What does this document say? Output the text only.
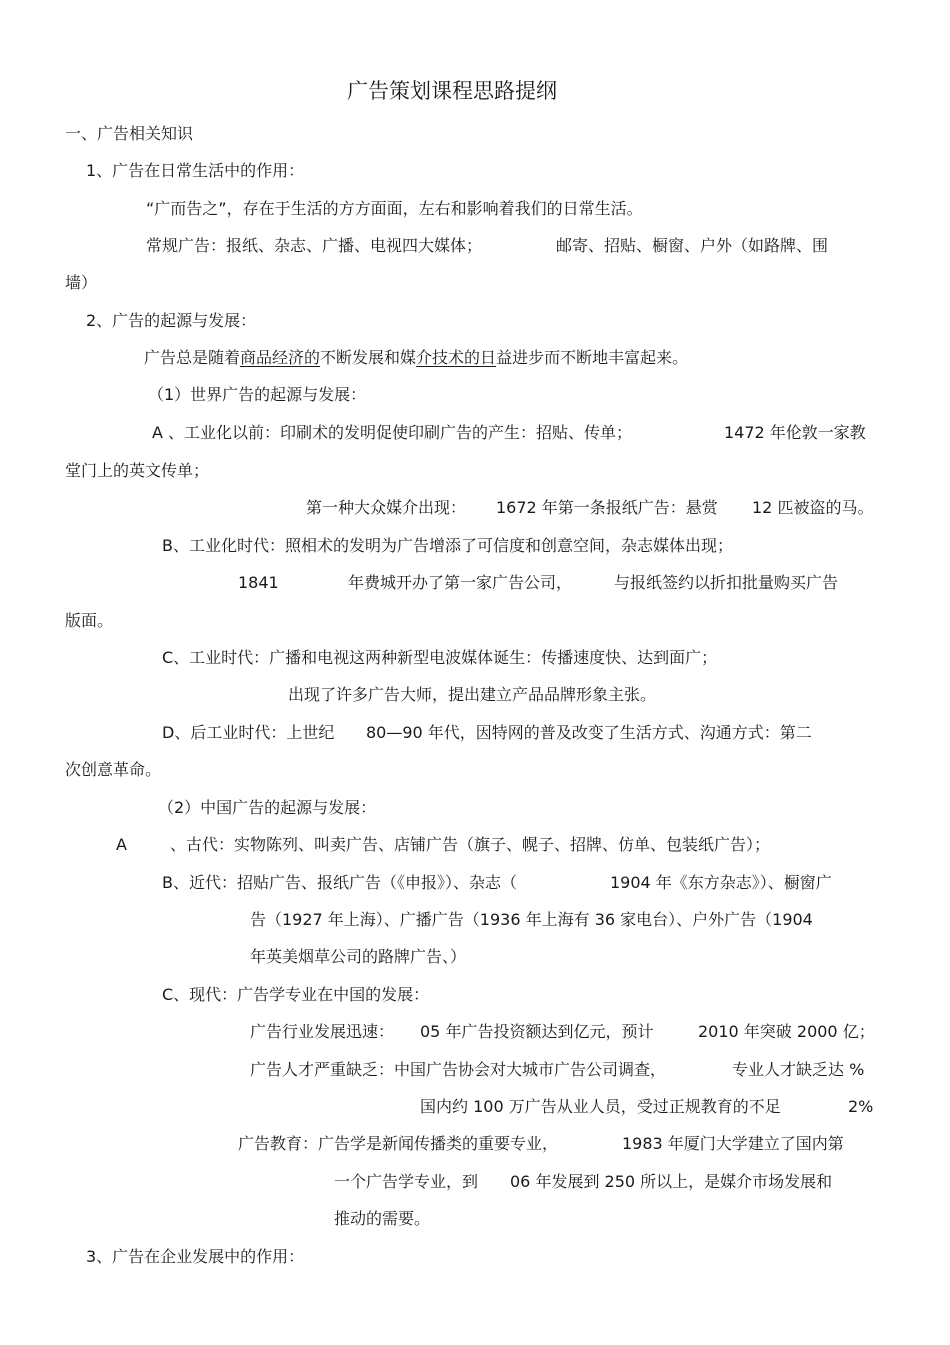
广告策划课程思路提纲
一、广告相关知识
1、广告在日常生活中的作用：
“广而告之”，存在于生活的方方面面，左右和影响着我们的日常生活。
常规广告：报纸、杂志、广播、电视四大媒体；	邮寄、招贴、橱窗、户外（如路牌、围
墙）
2、广告的起源与发展：
广告总是随着商品经济的不断发展和媒介技术的日益进步而不断地丰富起来。
（1）世界广告的起源与发展：
A 、工业化以前：印刷术的发明促使印刷广告的产生：招贴、传单；	1472 年伦敦一家教
堂门上的英文传单；
第一种大众媒介出现： 1672 年第一条报纸广告：悬赏 12 匹被盗的马。
B、工业化时代：照相术的发明为广告增添了可信度和创意空间，杂志媒体出现；
1841	年费城开办了第一家广告公司，	与报纸签约以折扣批量购买广告
版面。
C、工业时代：广播和电视这两种新型电波媒体诞生：传播速度快、达到面广；
出现了许多广告大师，提出建立产品品牌形象主张。
D、后工业时代：上世纪 80—90 年代，因特网的普及改变了生活方式、沟通方式：第二
次创意革命。
（2）中国广告的起源与发展：
A	、古代：实物陈列、叫卖广告、店铺广告（旗子、幌子、招牌、仿单、包装纸广告）；
B、近代：招贴广告、报纸广告（《申报》）、杂志（	1904 年《东方杂志》）、橱窗广
告（1927 年上海）、广播广告（1936 年上海有 36 家电台）、户外广告（1904
年英美烟草公司的路牌广告、）
C、现代：广告学专业在中国的发展：
广告行业发展迅速： 05 年广告投资额达到亿元，预计	2010 年突破 2000 亿；
广告人才严重缺乏：中国广告协会对大城市广告公司调查，	专业人才缺乏达 %
国内约 100 万广告从业人员，受过正规教育的不足	2%
广告教育：广告学是新闻传播类的重要专业，	1983 年厦门大学建立了国内第
一个广告学专业，到 06 年发展到 250 所以上，是媒介市场发展和
推动的需要。
3、广告在企业发展中的作用：
